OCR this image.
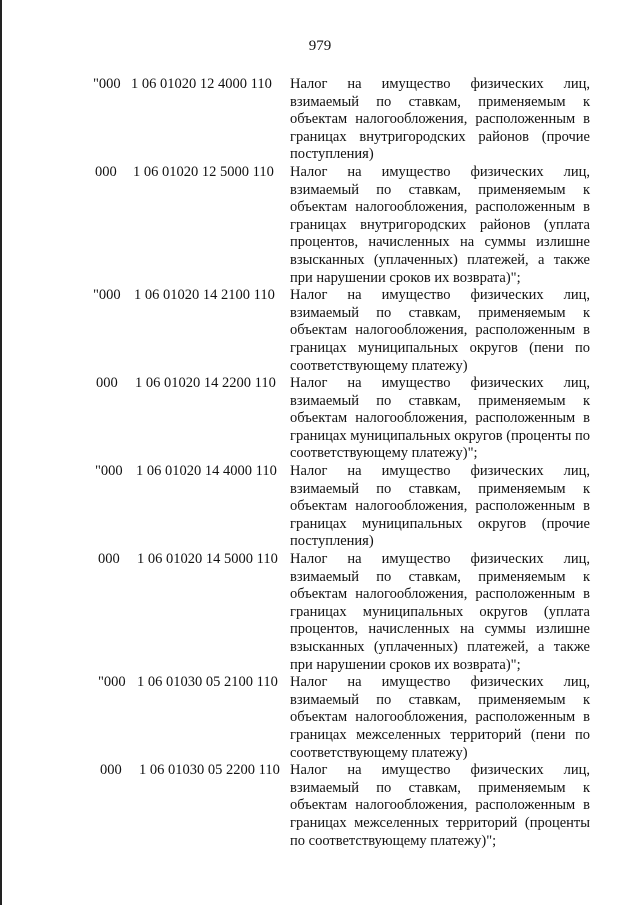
979
"000 1 06 01020 12 4000 110 Налог на имущество физических лиц, взимаемый по ставкам, применяемым к объектам налогообложения, расположенным в границах внутригородских районов (прочие поступления)
000 1 06 01020 12 5000 110 Налог на имущество физических лиц, взимаемый по ставкам, применяемым к объектам налогообложения, расположенным в границах внутригородских районов (уплата процентов, начисленных на суммы излишне взысканных (уплаченных) платежей, а также при нарушении сроков их возврата)";
"000 1 06 01020 14 2100 110 Налог на имущество физических лиц, взимаемый по ставкам, применяемым к объектам налогообложения, расположенным в границах муниципальных округов (пени по соответствующему платежу)
000 1 06 01020 14 2200 110 Налог на имущество физических лиц, взимаемый по ставкам, применяемым к объектам налогообложения, расположенным в границах муниципальных округов (проценты по соответствующему платежу)";
"000 1 06 01020 14 4000 110 Налог на имущество физических лиц, взимаемый по ставкам, применяемым к объектам налогообложения, расположенным в границах муниципальных округов (прочие поступления)
000 1 06 01020 14 5000 110 Налог на имущество физических лиц, взимаемый по ставкам, применяемым к объектам налогообложения, расположенным в границах муниципальных округов (уплата процентов, начисленных на суммы излишне взысканных (уплаченных) платежей, а также при нарушении сроков их возврата)";
"000 1 06 01030 05 2100 110 Налог на имущество физических лиц, взимаемый по ставкам, применяемым к объектам налогообложения, расположенным в границах межселенных территорий (пени по соответствующему платежу)
000 1 06 01030 05 2200 110 Налог на имущество физических лиц, взимаемый по ставкам, применяемым к объектам налогообложения, расположенным в границах межселенных территорий (проценты по соответствующему платежу)";
